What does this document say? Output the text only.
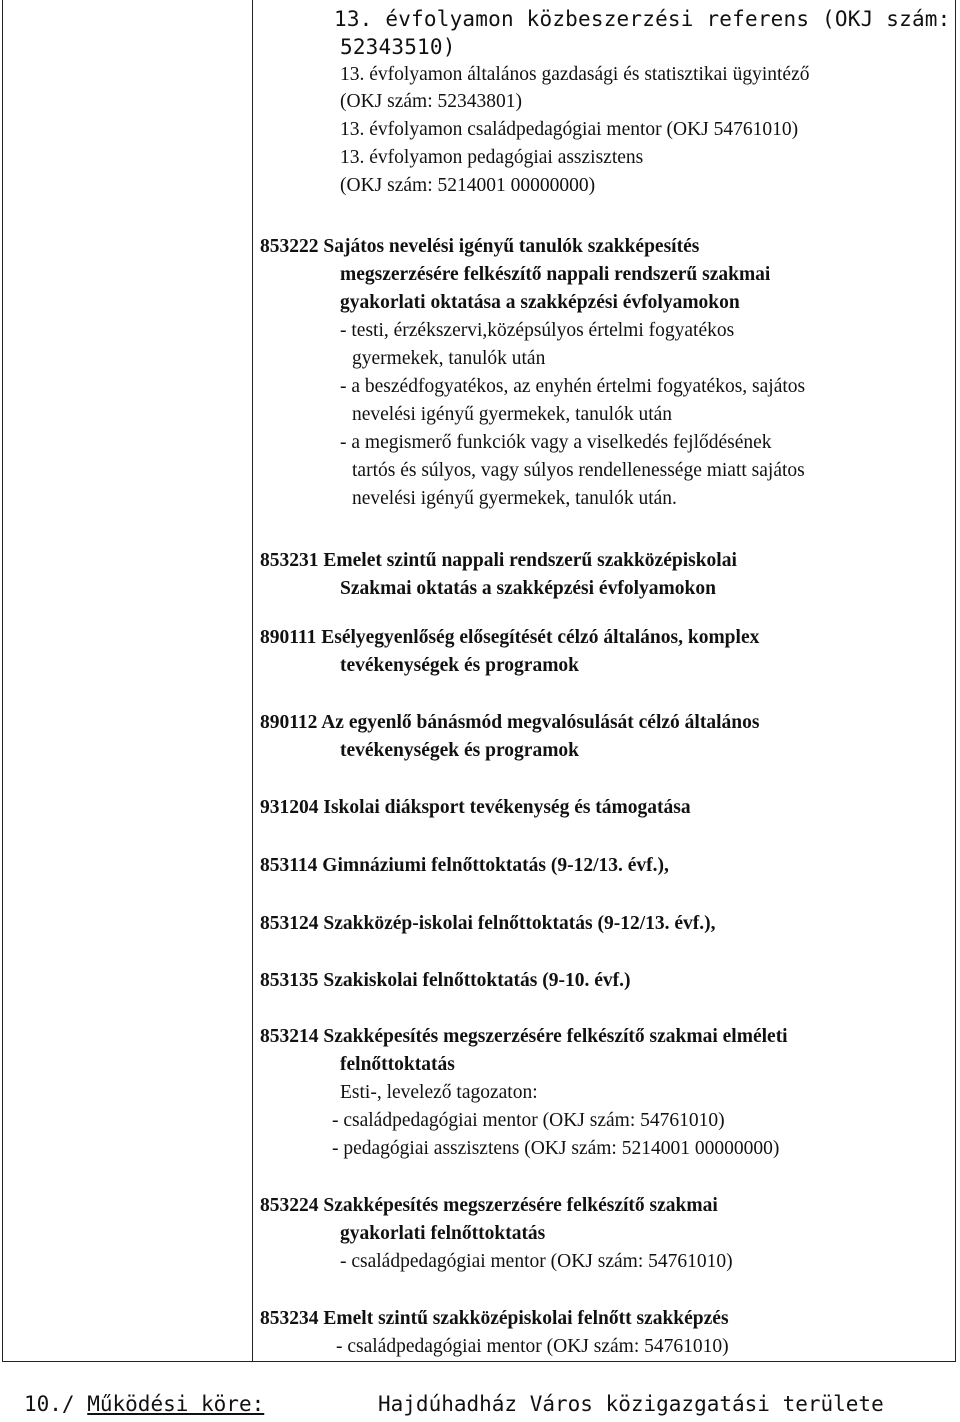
13. évfolyamon közbeszerzési referens (OKJ szám:
52343510)
13. évfolyamon általános gazdasági és statisztikai ügyintéző
(OKJ szám: 52343801)
13. évfolyamon családpedagógiai mentor (OKJ 54761010)
13. évfolyamon pedagógiai asszisztens
(OKJ szám: 5214001 00000000)
853222 Sajátos nevelési igényű tanulók szakképesítés
megszerzésére felkészítő nappali rendszerű szakmai
gyakorlati oktatása a szakképzési évfolyamokon
- testi, érzékszervi,középsúlyos értelmi fogyatékos
gyermekek, tanulók után
- a beszédfogyatékos, az enyhén értelmi fogyatékos, sajátos
nevelési igényű gyermekek, tanulók után
- a megismerő funkciók vagy a viselkedés fejlődésének
tartós és súlyos, vagy súlyos rendellenessége miatt sajátos
nevelési igényű gyermekek, tanulók után.
853231 Emelet szintű nappali rendszerű szakközépiskolai
Szakmai oktatás a szakképzési évfolyamokon
890111 Esélyegyenlőség elősegítését célzó általános, komplex
tevékenységek és programok
890112 Az egyenlő bánásmód megvalósulását célzó általános
tevékenységek és programok
931204 Iskolai diáksport tevékenység és támogatása
853114 Gimnáziumi felnőttoktatás (9-12/13. évf.),
853124 Szakközép-iskolai felnőttoktatás (9-12/13. évf.),
853135 Szakiskolai felnőttoktatás (9-10. évf.)
853214 Szakképesítés megszerzésére felkészítő szakmai elméleti
felnőttoktatás
Esti-, levelező tagozaton:
- családpedagógiai mentor (OKJ szám: 54761010)
- pedagógiai asszisztens (OKJ szám: 5214001 00000000)
853224 Szakképesítés megszerzésére felkészítő szakmai
gyakorlati felnőttoktatás
- családpedagógiai mentor (OKJ szám: 54761010)
853234 Emelt szintű szakközépiskolai felnőtt szakképzés
- családpedagógiai mentor (OKJ szám: 54761010)
10./ Működési köre:	Hajdúhadház Város közigazgatási területe
